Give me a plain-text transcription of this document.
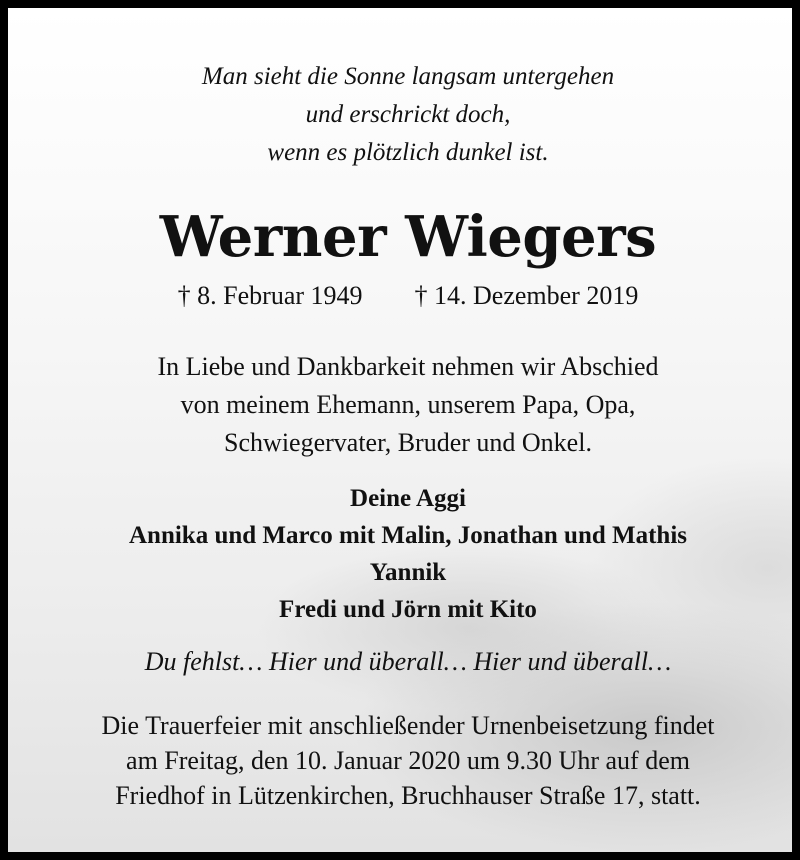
Man sieht die Sonne langsam untergehen
und erschrickt doch,
wenn es plötzlich dunkel ist.
Werner Wiegers
† 8. Februar 1949 † 14. Dezember 2019
In Liebe und Dankbarkeit nehmen wir Abschied
von meinem Ehemann, unserem Papa, Opa,
Schwiegervater, Bruder und Onkel.
Deine Aggi
Annika und Marco mit Malin, Jonathan und Mathis
Yannik
Fredi und Jörn mit Kito
Du fehlst… Hier und überall… Hier und überall…
Die Trauerfeier mit anschließender Urnenbeisetzung findet
am Freitag, den 10. Januar 2020 um 9.30 Uhr auf dem
Friedhof in Lützenkirchen, Bruchhauser Straße 17, statt.
